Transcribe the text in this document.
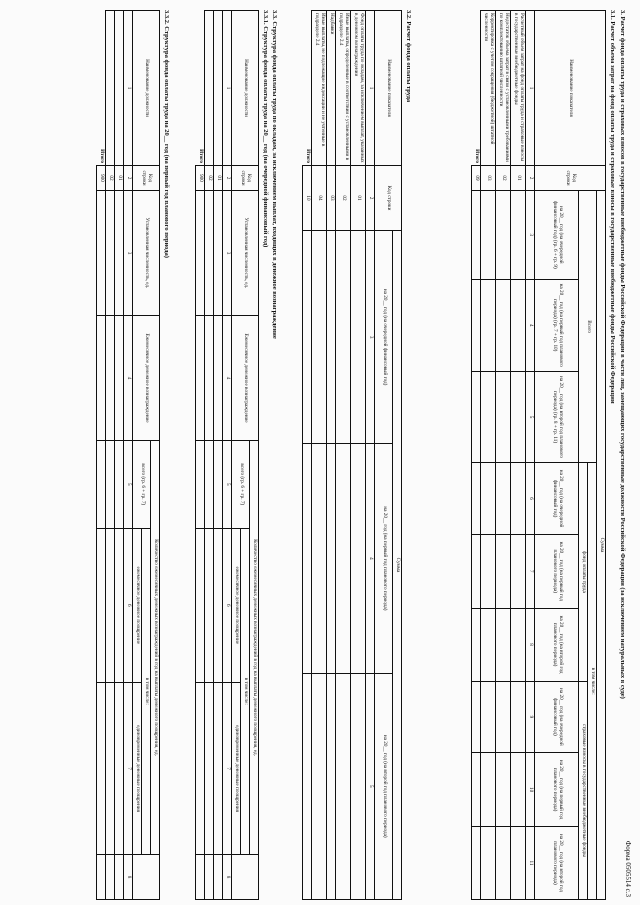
Форма 0505514 с.3
3. Расчет фонда оплаты труда и страховых взносов в государственные внебюджетные фонды Российской Федерации в части лиц, замещающих государственные должности Российской Федерации (за исключением натуральных в суде)
3.1. Расчет объема затрат на фонд оплаты труда и страховые взносы в государственные внебюджетные фонды Российской Федерации
Наименование показателя	Код строки	Сумма								
		Всего			в том числе:					
					фонд оплаты труда			страховые взносы в государственные внебюджетные фонды		
		на 20__ год (на очередной финансовый год) (гр. 6 + гр. 9)	на 20__ год (на первый год планового периода) (гр. 7 + гр. 10)	на 20__ год (на второй год планового периода) (гр. 8 + гр. 11)	на 20__ год (на очередной финансовый год)	на 20__ год (на первый год планового периода)	на 20__ год (на второй год планового периода)	на 20__ год (на очередной финансовый год)	на 20__ год (на первый год планового периода)	на 20__ год (на второй год планового периода)
1	2	3	4	5	6	7	8	9	10	11
Расчетный объем затрат на фонд оплаты труда и страховые взносы в государственные внебюджетные фонды	01									
Недостаток объема затрат в связи с установленными требованиями по комплектованию штатной численности	02									
Корректировка с учетом сокращения (бюджетной) штатной численности	03									
Итого	09									
3.2. Расчет фонда оплаты труда
Наименование показателя	Код строки	Сумма		
		на 20__ год (на очередной финансовый год)	на 20__ год (на первый год планового периода)	на 20__ год (на второй год планового периода)
1	2	3	4	5
Фонд оплаты труда по окладам, за исключением выплат, указанных в денежном вознаграждении	01			
Иные выплаты, определенные в соответствии с установленными в подразделе 2.4	02			
Надбавки	03			
Иные выплаты, не подлежащие индексации и не учтенные в подразделе 2.4	04			
Итого	10			
3.3. Структура фонда оплаты труда по окладам, за исключением выплат, входящих в денежное вознаграждение
3.3.1. Структура фонда оплаты труда на 20__ год (на очередной финансовый год)
Наименование должности	Код строки	Установленная численность, ед.	Ежемесячное денежное вознаграждение	Количество ежемесячных денежных вознаграждений в год на выплаты денежного поощрения, ед.			
				всего (гр. 6 + гр. 7)	в том числе:		
					ежемесячное денежное поощрение	единовременные денежные поощрения	
1	2	3	4	5	6	7	8
	01						
	02						
Итого	900						
3.3.2. Структура фонда оплаты труда на 20__ год (на первый год планового периода)
Наименование должности	Код строки	Установленная численность, ед.	Ежемесячное денежное вознаграждение	Количество ежемесячных денежных вознаграждений в год на выплаты денежного поощрения, ед.			
				всего (гр. 6 + гр. 7)	в том числе:		
					ежемесячное денежное поощрение	единовременные денежные поощрения	
1	2	3	4	5	6	7	8
	01						
	02						
Итого	900						
